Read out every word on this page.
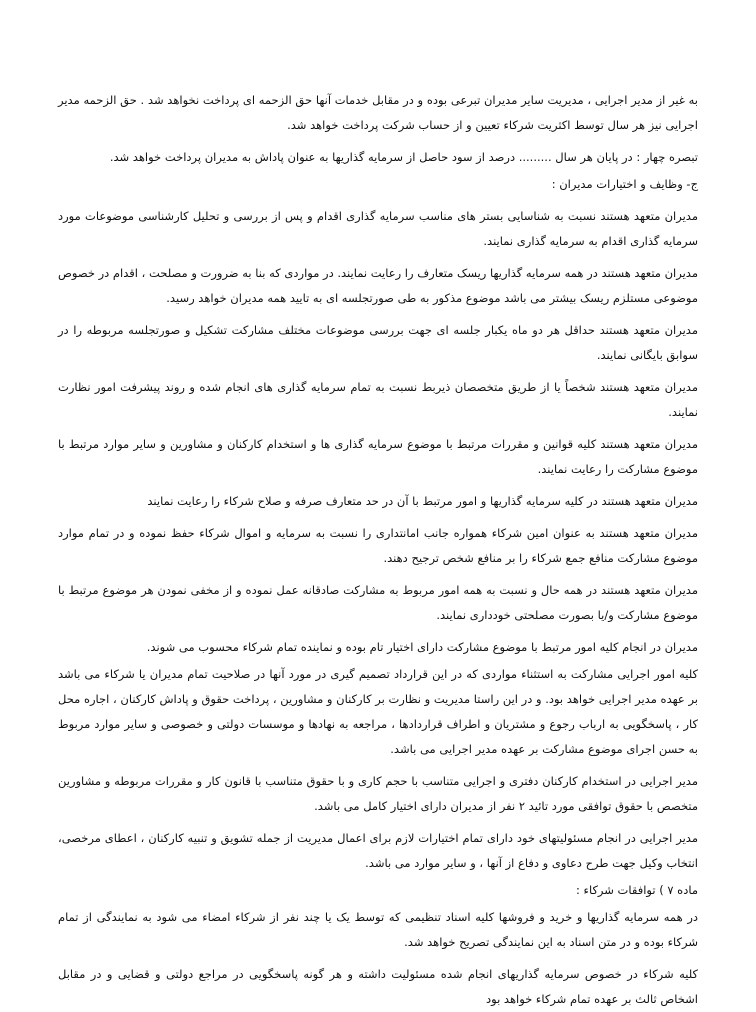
به غیر از مدیر اجرایی ، مدیریت سایر مدیران تبرعی بوده و در مقابل خدمات آنها حق الزحمه ای پرداخت نخواهد شد . حق الزحمه مدیر اجرایی نیز هر سال توسط اکثریت شرکاء تعیین و از حساب شرکت پرداخت خواهد شد.

تبصره چهار : در پایان هر سال ......... درصد از سود حاصل از سرمایه گذاریها به عنوان پاداش به مدیران پرداخت خواهد شد.

ج- وظایف و اختیارات مدیران :

مدیران متعهد هستند نسبت به شناسایی بستر های مناسب سرمایه گذاری اقدام و پس از بررسی و تحلیل کارشناسی موضوعات مورد سرمایه گذاری اقدام به سرمایه گذاری نمایند.

مدیران متعهد هستند در همه سرمایه گذاریها ریسک متعارف را رعایت نمایند. در مواردی که بنا به ضرورت و مصلحت ، اقدام در خصوص موضوعی مستلزم ریسک بیشتر می باشد موضوع مذکور به طی صورتجلسه ای به تایید همه مدیران خواهد رسید.

مدیران متعهد هستند حداقل هر دو ماه یکبار جلسه ای جهت بررسی موضوعات مختلف مشارکت تشکیل و صورتجلسه مربوطه را در سوابق بایگانی نمایند.

مدیران متعهد هستند شخصاً یا از طریق متخصصان ذیربط نسبت به تمام سرمایه گذاری های انجام شده و روند پیشرفت امور نظارت نمایند.

مدیران متعهد هستند کلیه قوانین و مقررات مرتبط با موضوع سرمایه گذاری ها و استخدام کارکنان و مشاورین و سایر موارد مرتبط با موضوع مشارکت را رعایت نمایند.

مدیران متعهد هستند در کلیه سرمایه گذاریها و امور مرتبط با آن در حد متعارف صرفه و صلاح شرکاء را رعایت نمایند

مدیران متعهد هستند به عنوان امین شرکاء همواره جانب امانتداری را نسبت به سرمایه و اموال شرکاء حفظ نموده و در تمام موارد موضوع مشارکت منافع جمع شرکاء را بر منافع شخص ترجیح دهند.

مدیران متعهد هستند در همه حال و نسبت به همه امور مربوط به مشارکت صادقانه عمل نموده و از مخفی نمودن هر موضوع مرتبط با موضوع مشارکت و/یا بصورت مصلحتی خودداری نمایند.

مدیران در انجام کلیه امور مرتبط با موضوع مشارکت دارای اختیار تام بوده و نماینده تمام شرکاء محسوب می شوند.

کلیه امور اجرایی مشارکت به استثناء مواردی که در این قرارداد تصمیم گیری در مورد آنها در صلاحیت تمام مدیران یا شرکاء می باشد بر عهده مدیر اجرایی خواهد بود. و در این راستا مدیریت و نظارت بر کارکنان و مشاورین ، پرداخت حقوق و پاداش کارکنان ، اجاره محل کار ، پاسخگویی به ارباب رجوع و مشتریان و اطراف قراردادها ، مراجعه به نهادها و موسسات دولتی و خصوصی و سایر موارد مربوط به حسن اجرای موضوع مشارکت بر عهده مدیر اجرایی می باشد.

مدیر اجرایی در استخدام کارکنان دفتری و اجرایی متناسب با حجم کاری و با حقوق متناسب با قانون کار و مقررات مربوطه و مشاورین متخصص با حقوق توافقی مورد تائید ۲ نفر از مدیران دارای اختیار کامل می باشد.

مدیر اجرایی در انجام مسئولیتهای خود دارای تمام اختیارات لازم برای اعمال مدیریت از جمله تشویق و تنبیه کارکنان ، اعطای مرخصی، انتخاب وکیل جهت طرح دعاوی و دفاع از آنها ، و سایر موارد می باشد.

ماده ۷ ) توافقات شرکاء :

در همه سرمایه گذاریها و خرید و فروشها کلیه اسناد تنظیمی که توسط یک یا چند نفر از شرکاء امضاء می شود به نمایندگی از تمام شرکاء بوده و در متن اسناد به این نمایندگی تصریح خواهد شد.

کلیه شرکاء در خصوص سرمایه گذاریهای انجام شده مسئولیت داشته و هر گونه پاسخگویی در مراجع دولتی و قضایی و در مقابل اشخاص ثالث بر عهده تمام شرکاء خواهد بود
